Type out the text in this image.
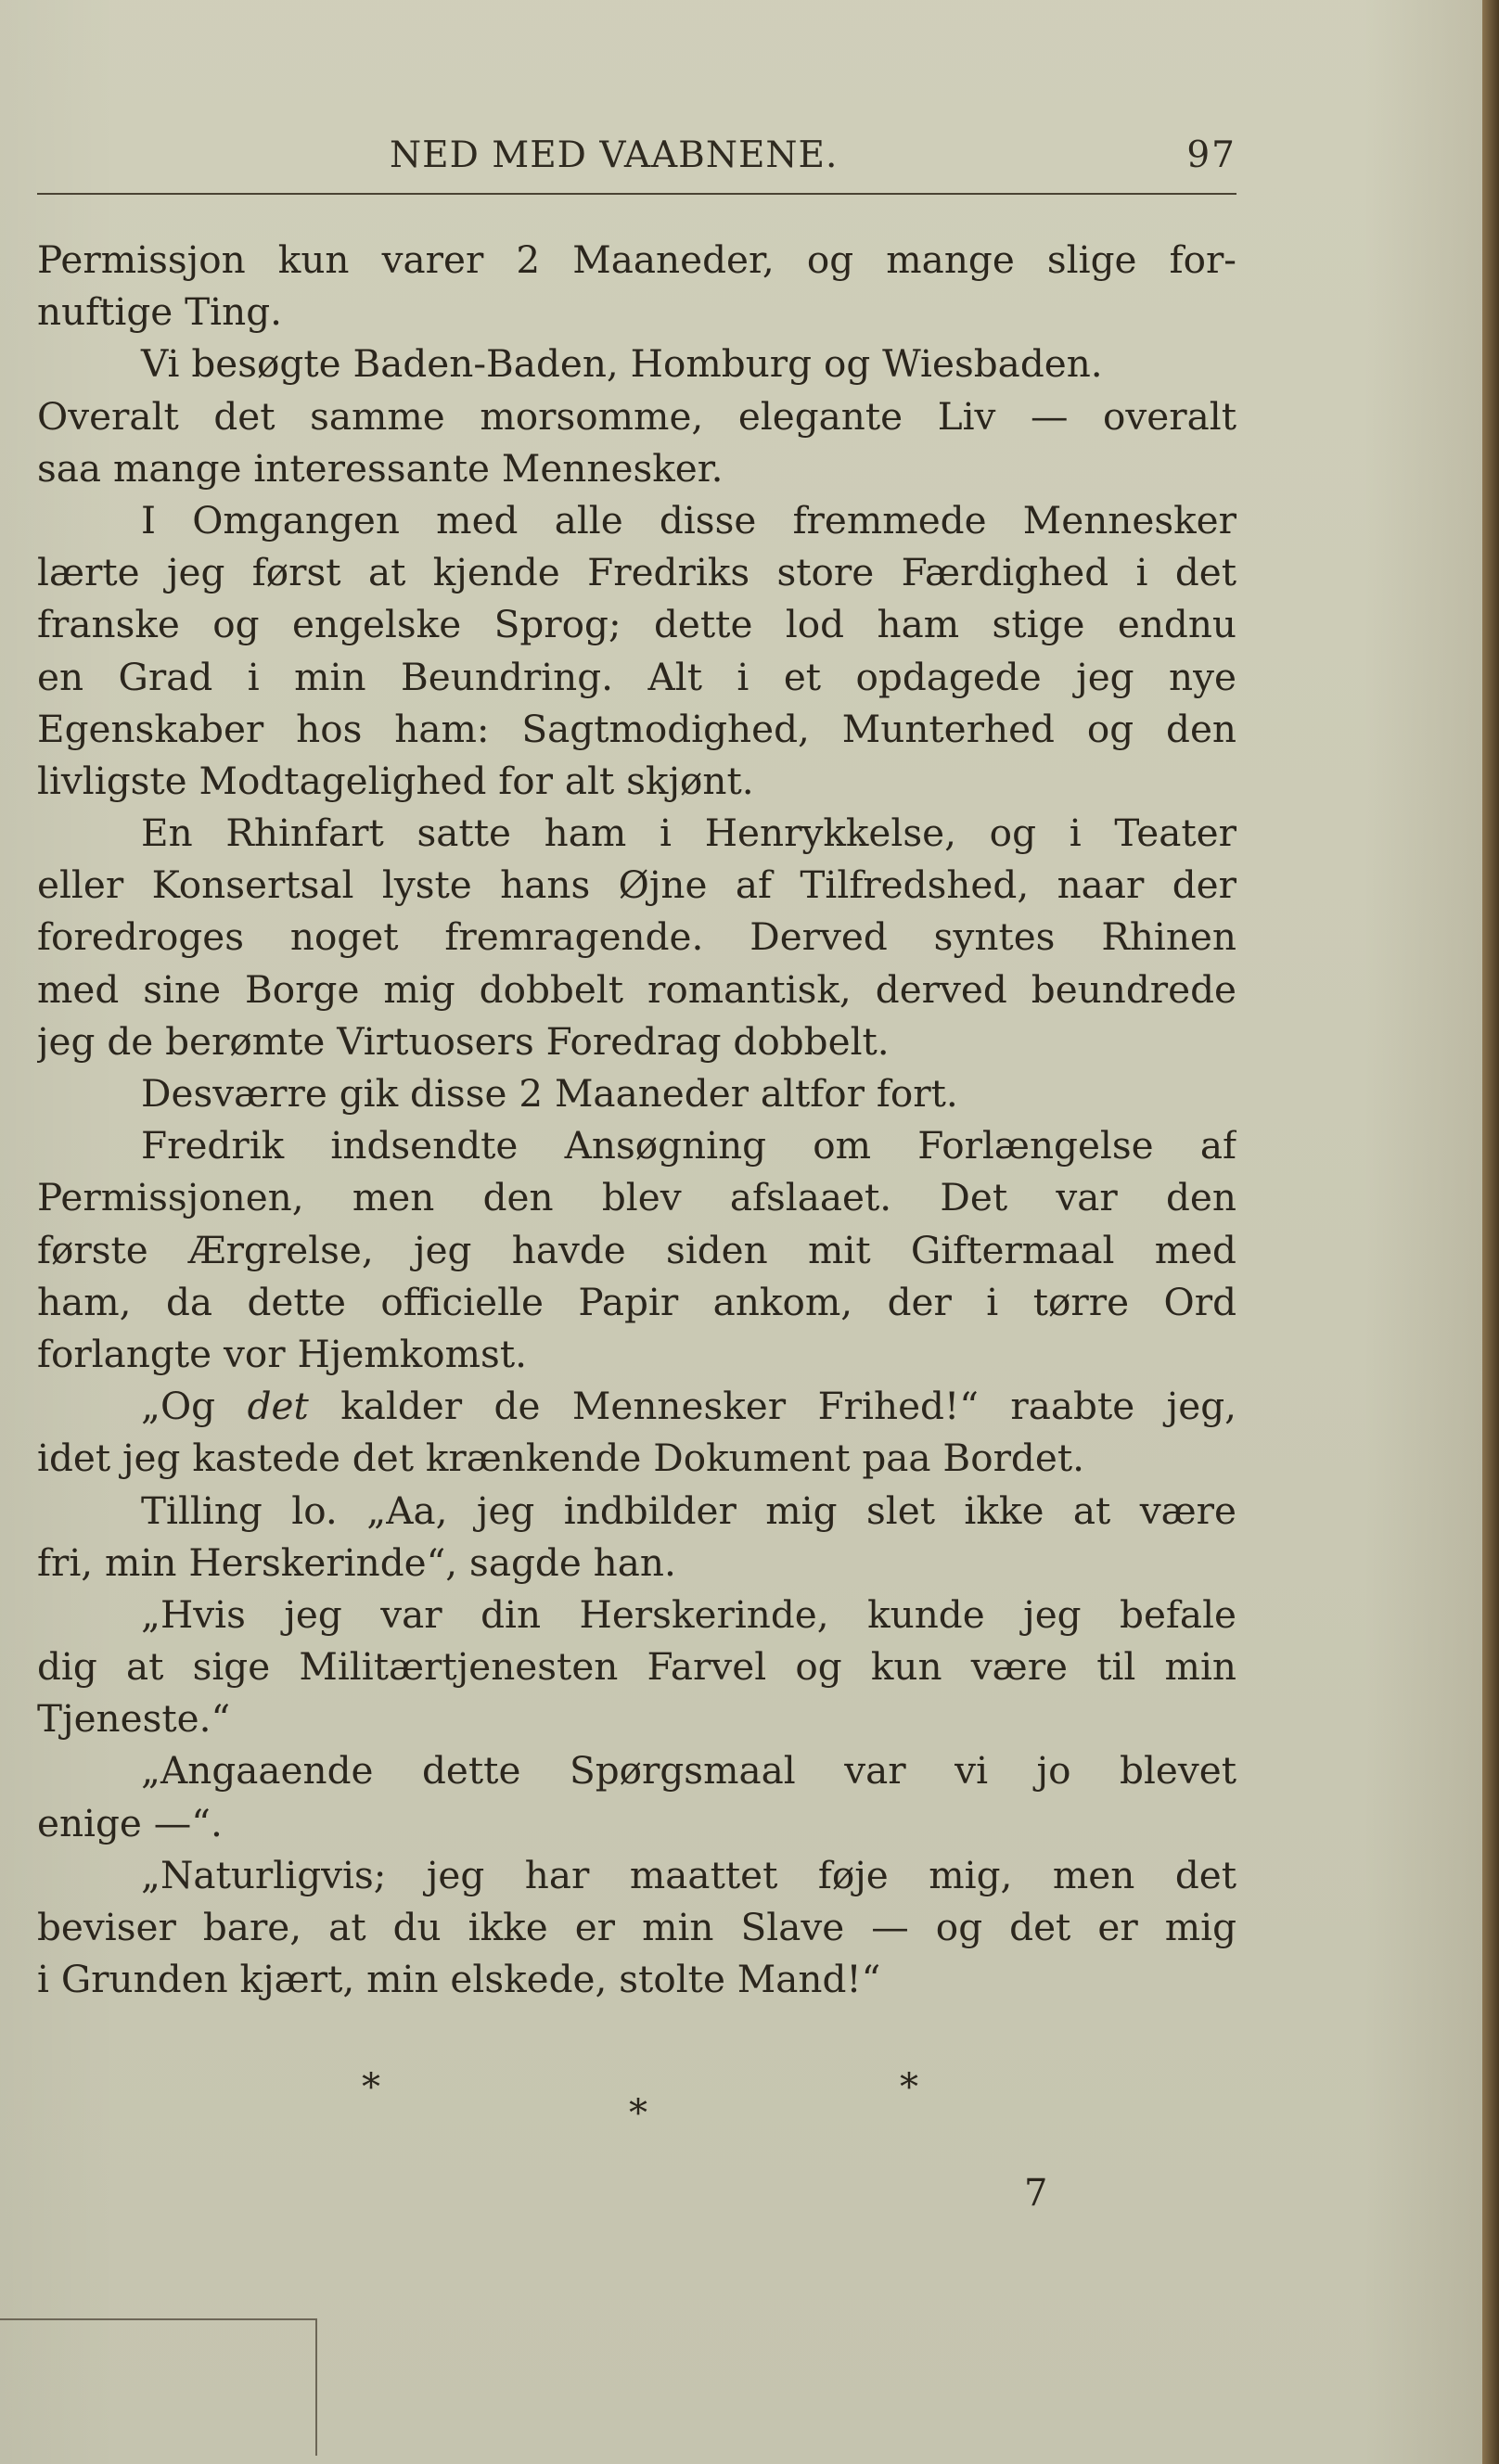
NED MED VAABNENE.	97
Permissjon kun varer 2 Maaneder, og mange slige for-
nuftige Ting.
Vi besøgte Baden-Baden, Homburg og Wiesbaden.
Overalt det samme morsomme, elegante Liv — overalt
saa mange interessante Mennesker.
I Omgangen med alle disse fremmede Mennesker
lærte jeg først at kjende Fredriks store Færdighed i det
franske og engelske Sprog; dette lod ham stige endnu
en Grad i min Beundring. Alt i et opdagede jeg nye
Egenskaber hos ham: Sagtmodighed, Munterhed og den
livligste Modtagelighed for alt skjønt.
En Rhinfart satte ham i Henrykkelse, og i Teater
eller Konsertsal lyste hans Øjne af Tilfredshed, naar der
foredroges noget fremragende. Derved syntes Rhinen
med sine Borge mig dobbelt romantisk, derved beundrede
jeg de berømte Virtuosers Foredrag dobbelt.
Desværre gik disse 2 Maaneder altfor fort.
Fredrik indsendte Ansøgning om Forlængelse af
Permissjonen, men den blev afslaaet. Det var den
første Ærgrelse, jeg havde siden mit Giftermaal med
ham, da dette officielle Papir ankom, der i tørre Ord
forlangte vor Hjemkomst.
„Og det kalder de Mennesker Frihed!“ raabte jeg,
idet jeg kastede det krænkende Dokument paa Bordet.
Tilling lo. „Aa, jeg indbilder mig slet ikke at være
fri, min Herskerinde“, sagde han.
„Hvis jeg var din Herskerinde, kunde jeg befale
dig at sige Militærtjenesten Farvel og kun være til min
Tjeneste.“
„Angaaende dette Spørgsmaal var vi jo blevet
enige —“.
„Naturligvis; jeg har maattet føje mig, men det
beviser bare, at du ikke er min Slave — og det er mig
i Grunden kjært, min elskede, stolte Mand!“
*	*
*
7
